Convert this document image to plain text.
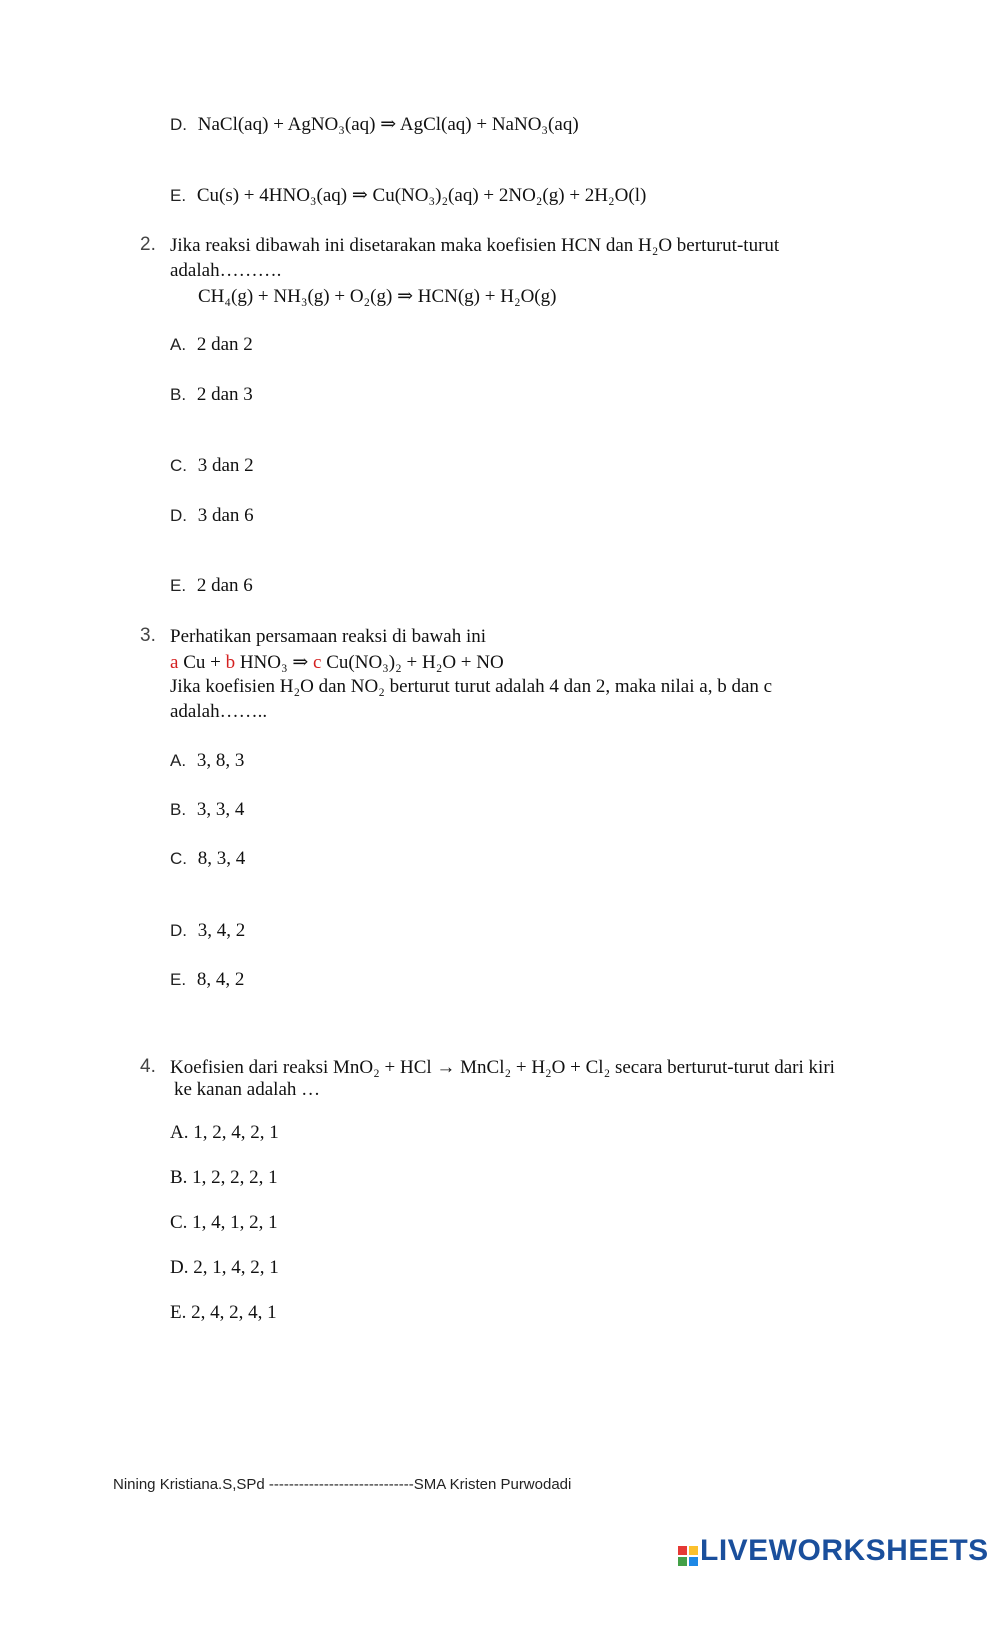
D. NaCl(aq) + AgNO₃(aq) ⇒ AgCl(aq) + NaNO₃(aq)
E. Cu(s) + 4HNO₃(aq) ⇒ Cu(NO₃)₂(aq) + 2NO₂(g) + 2H₂O(l)
2. Jika reaksi dibawah ini disetarakan maka koefisien HCN dan H₂O berturut-turut
adalah……….
CH₄(g) + NH₃(g) + O₂(g) ⇒ HCN(g) + H₂O(g)
A. 2 dan 2
B. 2 dan 3
C. 3 dan 2
D. 3 dan 6
E. 2 dan 6
3. Perhatikan persamaan reaksi di bawah ini
a Cu + b HNO₃ ⇒ c Cu(NO₃)₂ + H₂O + NO
Jika koefisien H₂O dan NO₂ berturut turut adalah 4 dan 2, maka nilai a, b dan c
adalah……..
A. 3, 8, 3
B. 3, 3, 4
C. 8, 3, 4
D. 3, 4, 2
E. 8, 4, 2
4. Koefisien dari reaksi MnO₂ + HCl → MnCl₂ + H₂O + Cl₂ secara berturut-turut dari kiri
ke kanan adalah …
A. 1, 2, 4, 2, 1
B. 1, 2, 2, 2, 1
C. 1, 4, 1, 2, 1
D. 2, 1, 4, 2, 1
E. 2, 4, 2, 4, 1
Nining Kristiana.S,SPd -----------------------------SMA Kristen Purwodadi
LIVEWORKSHEETS
